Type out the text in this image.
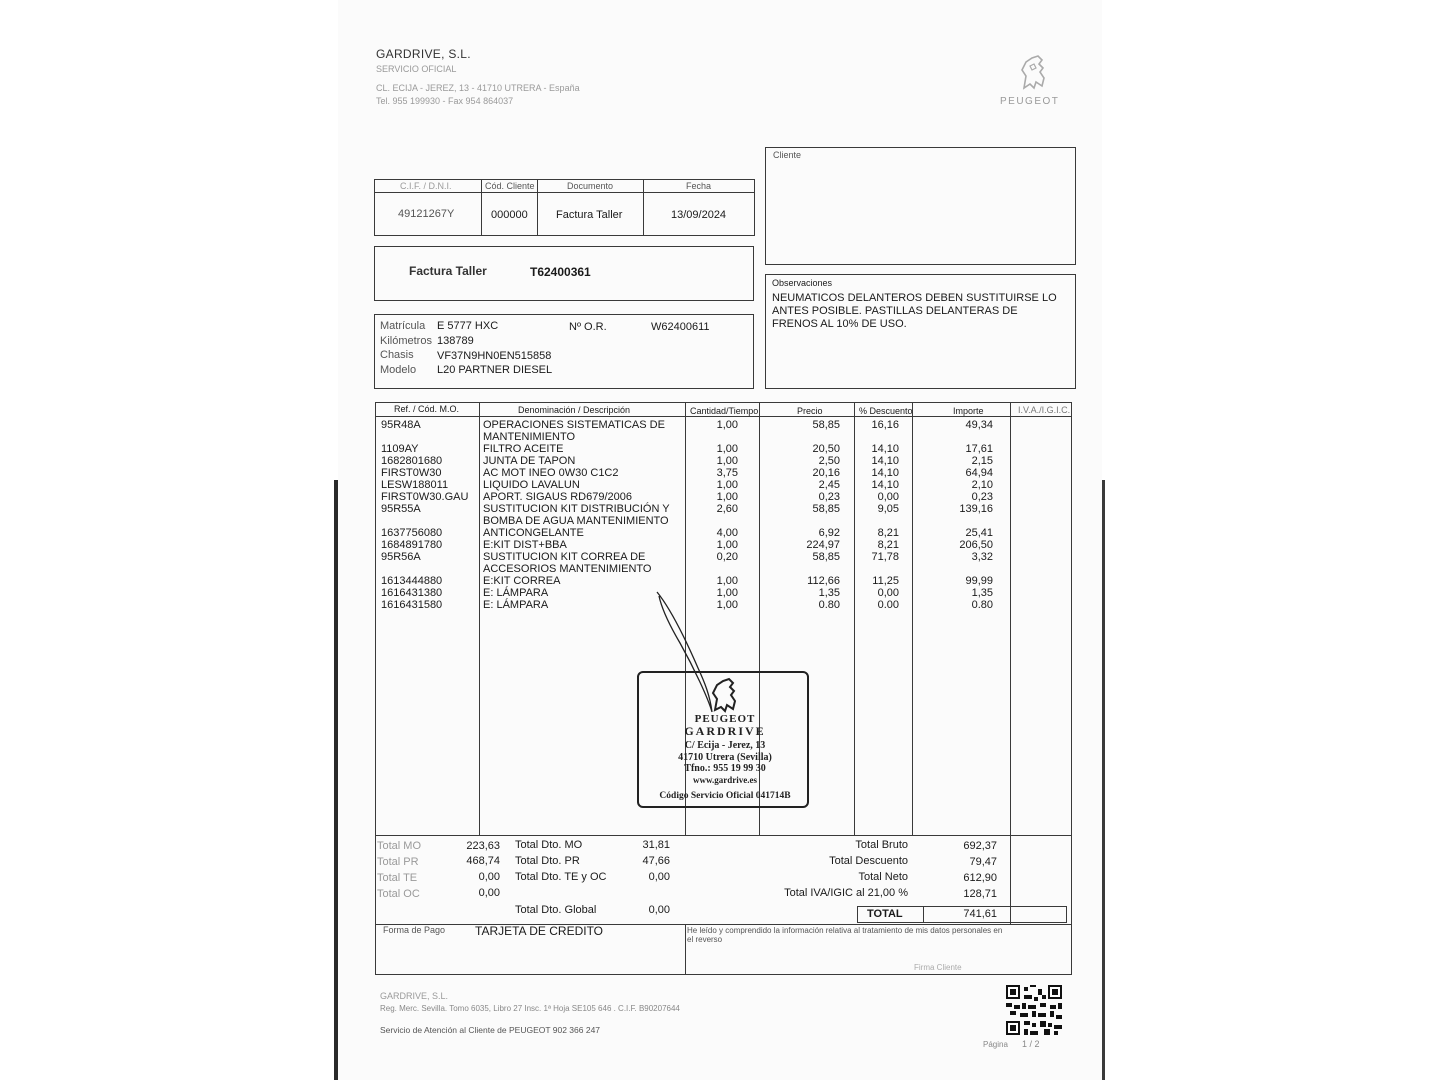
GARDRIVE, S.L.
SERVICIO OFICIAL
CL. ECIJA - JEREZ, 13 - 41710 UTRERA - España
Tel. 955 199930 - Fax 954 864037	PEUGEOT
Cliente
C.I.F. / D.N.I.	Cód. Cliente	Documento	Fecha
49121267Y	000000	Factura Taller	13/09/2024
Factura Taller	T62400361
Observaciones
NEUMATICOS DELANTEROS DEBEN SUSTITUIRSE LO
ANTES POSIBLE. PASTILLAS DELANTERAS DE
FRENOS AL 10% DE USO.
Matrícula E 5777 HXC	Nº O.R.	W62400611
Kilómetros 138789
Chasis VF37N9HN0EN515858
Modelo L20 PARTNER DIESEL
Ref. / Cód. M.O.	Denominación / Descripción	Cantidad/Tiempo	Precio	% Descuento	Importe	I.V.A./I.G.I.C.
95R48A	OPERACIONES SISTEMATICAS DE	1,00	58,85	16,16	49,34
MANTENIMIENTO
1109AY	FILTRO ACEITE	1,00	20,50	14,10	17,61
1682801680	JUNTA DE TAPON	1,00	2,50	14,10	2,15
FIRST0W30	AC MOT INEO 0W30 C1C2	3,75	20,16	14,10	64,94
LESW188011	LIQUIDO LAVALUN	1,00	2,45	14,10	2,10
FIRST0W30.GAU APORT. SIGAUS RD679/2006	1,00	0,23	0,00	0,23
95R55A	SUSTITUCION KIT DISTRIBUCIÓN Y	2,60	58,85	9,05	139,16
BOMBA DE AGUA MANTENIMIENTO
1637756080	ANTICONGELANTE	4,00	6,92	8,21	25,41
1684891780	E:KIT DIST+BBA	1,00	224,97	8,21	206,50
95R56A	SUSTITUCION KIT CORREA DE	0,20	58,85	71,78	3,32
ACCESORIOS MANTENIMIENTO
1613444880	E:KIT CORREA	1,00	112,66	11,25	99,99
1616431380	E: LÁMPARA	1,00	1,35	0,00	1,35
1616431580	E: LÁMPARA	1,00	0.80	0.00	0.80
PEUGEOT
GARDRIVE
C/ Ecija - Jerez, 13
41710 Utrera (Sevilla)
Tfno.: 955 19 99 30
www.gardrive.es
Código Servicio Oficial 041714B
Total MO	223,63
Total PR	468,74
Total TE	0,00
Total OC	0,00
Total Dto. MO	31,81
Total Dto. PR	47,66
Total Dto. TE y OC	0,00
Total Dto. Global	0,00
Total Bruto	692,37
Total Descuento	79,47
Total Neto	612,90
Total IVA/IGIC al 21,00 %	128,71
TOTAL	741,61
Forma de Pago TARJETA DE CREDITO	He leído y comprendido la información relativa al tratamiento de mis datos personales en
el reverso
Firma Cliente
GARDRIVE, S.L.
Reg. Merc. Sevilla. Tomo 6035, Libro 27 Insc. 1ª Hoja SE105 646 . C.I.F. B90207644
Servicio de Atención al Cliente de PEUGEOT 902 366 247
Página 1 / 2
